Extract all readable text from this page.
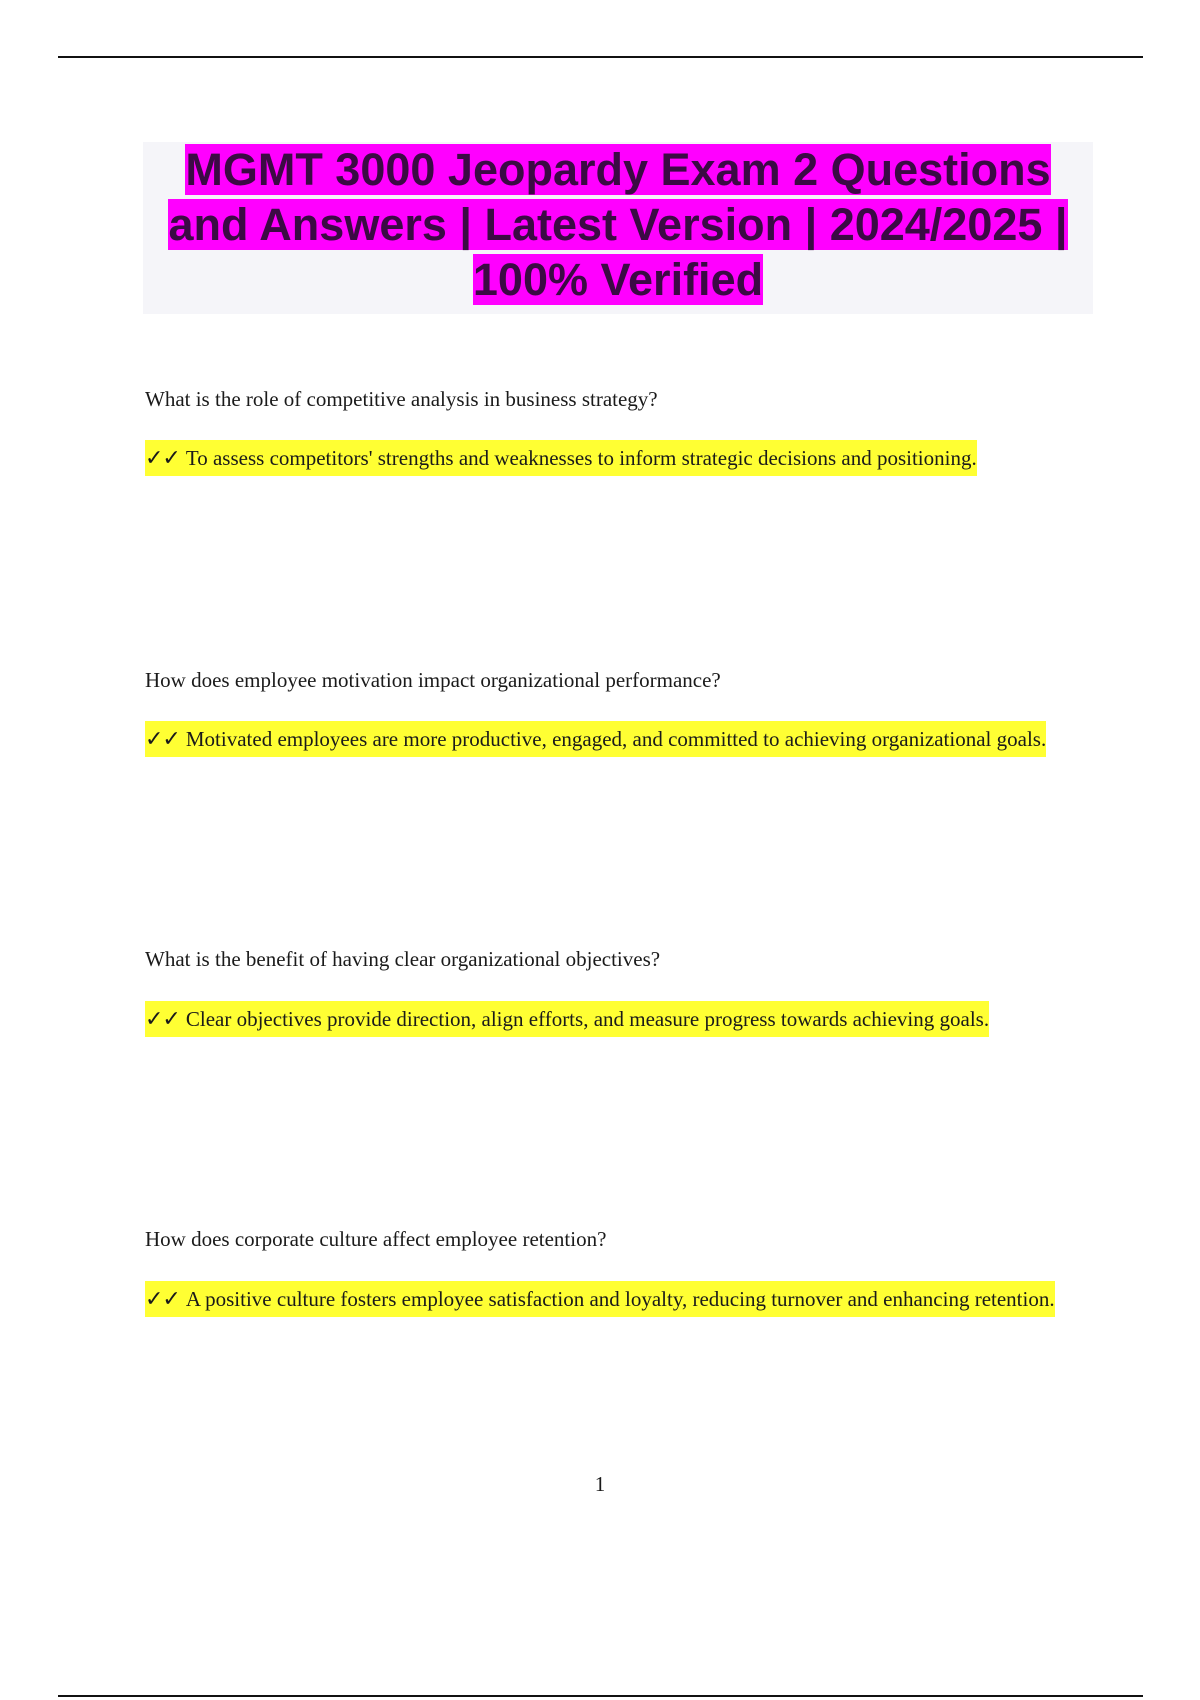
MGMT 3000 Jeopardy Exam 2 Questions and Answers | Latest Version | 2024/2025 | 100% Verified
What is the role of competitive analysis in business strategy?
✓✓ To assess competitors' strengths and weaknesses to inform strategic decisions and positioning.
How does employee motivation impact organizational performance?
✓✓ Motivated employees are more productive, engaged, and committed to achieving organizational goals.
What is the benefit of having clear organizational objectives?
✓✓ Clear objectives provide direction, align efforts, and measure progress towards achieving goals.
How does corporate culture affect employee retention?
✓✓ A positive culture fosters employee satisfaction and loyalty, reducing turnover and enhancing retention.
1
